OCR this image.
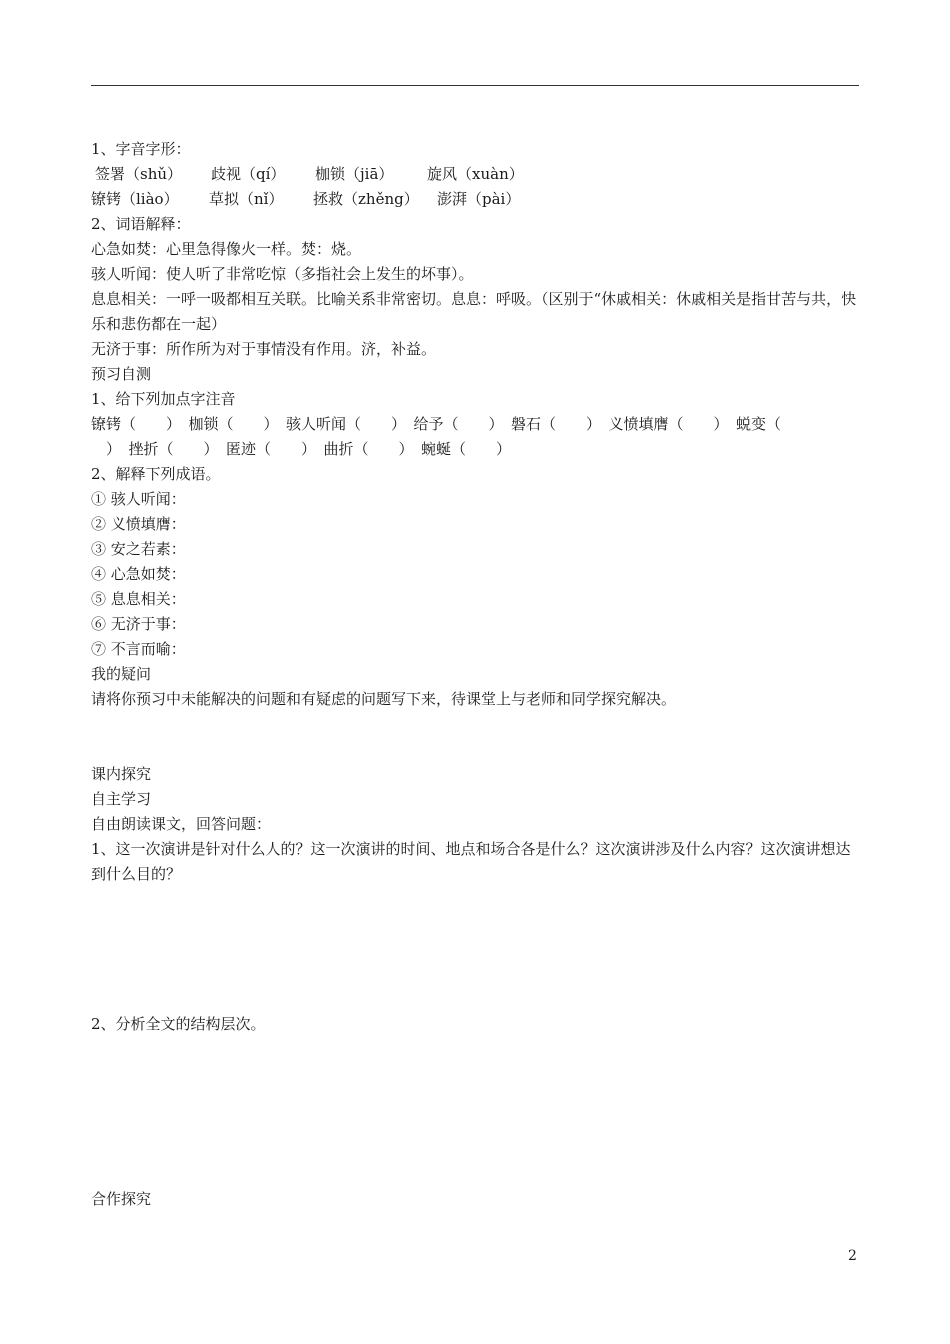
1、字音字形：
签署（shǔ） 歧视（qí） 枷锁（jiā） 旋风（xuàn）
镣铐（liào） 草拟（nǐ） 拯救（zhěng） 澎湃（pài）
2、词语解释：
心急如焚：心里急得像火一样。焚：烧。
骇人听闻：使人听了非常吃惊（多指社会上发生的坏事）。
息息相关：一呼一吸都相互关联。比喻关系非常密切。息息：呼吸。（区别于“休戚相关：休戚相关是指甘苦与共，快乐和悲伤都在一起）
无济于事：所作所为对于事情没有作用。济，补益。
预习自测
1、给下列加点字注音
镣铐（　　）　枷锁（　　）　骇人听闻（　　）　给予（　　）　磐石（　　）　义愤填膺（　　）　蜕变（
　）　挫折（　　）　匿迹（　　）　曲折（　　）　蜿蜒（　　）
2、解释下列成语。
① 骇人听闻：
② 义愤填膺：
③ 安之若素：
④ 心急如焚：
⑤ 息息相关：
⑥ 无济于事：
⑦ 不言而喻：
我的疑问
请将你预习中未能解决的问题和有疑虑的问题写下来，待课堂上与老师和同学探究解决。
课内探究
自主学习
自由朗读课文，回答问题：
1、这一次演讲是针对什么人的？这一次演讲的时间、地点和场合各是什么？这次演讲涉及什么内容？这次演讲想达到什么目的？
2、分析全文的结构层次。
合作探究
2
